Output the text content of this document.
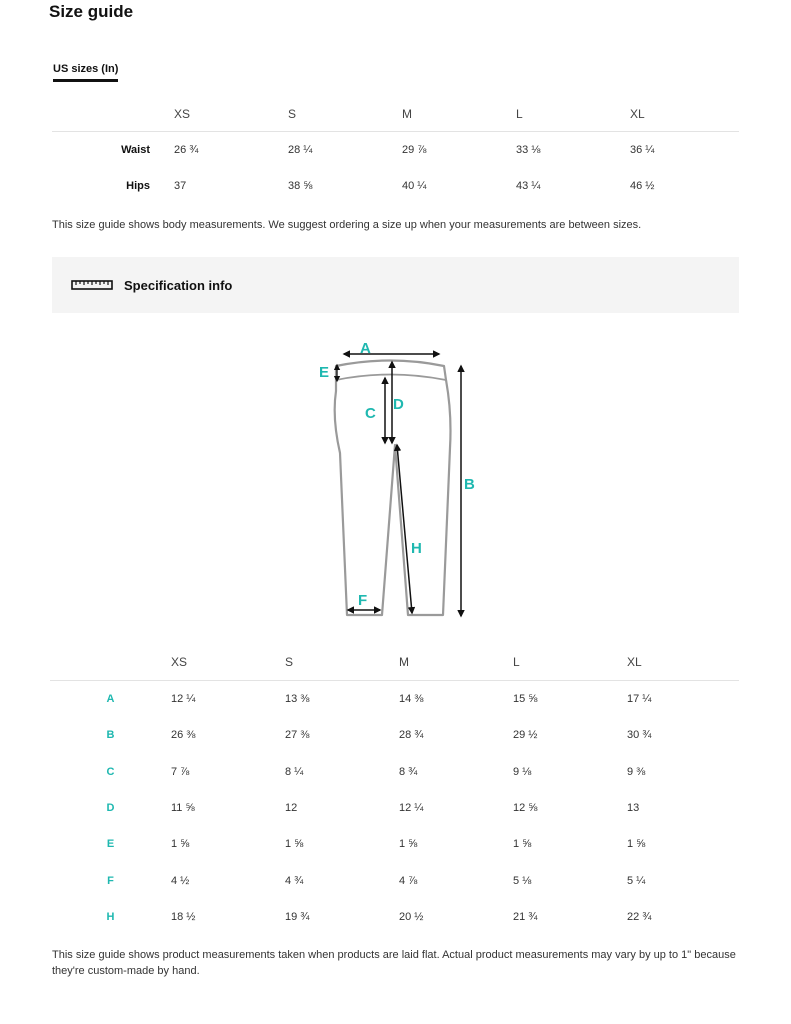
Size guide
US sizes (In)
	XS	S	M	L	XL
Waist	26 ¾	28 ¼	29 ⅞	33 ⅛	36 ¼
Hips	37	38 ⅝	40 ¼	43 ¼	46 ½

This size guide shows body measurements. We suggest ordering a size up when your measurements are between sizes.

Specification info
A
E
C
D
B
H
F
	XS	S	M	L	XL
A	12 ¼	13 ⅜	14 ⅜	15 ⅝	17 ¼
B	26 ⅜	27 ⅜	28 ¾	29 ½	30 ¾
C	7 ⅞	8 ¼	8 ¾	9 ⅛	9 ⅜
D	11 ⅝	12	12 ¼	12 ⅝	13
E	1 ⅝	1 ⅝	1 ⅝	1 ⅝	1 ⅝
F	4 ½	4 ¾	4 ⅞	5 ⅛	5 ¼
H	18 ½	19 ¾	20 ½	21 ¾	22 ¾

This size guide shows product measurements taken when products are laid flat. Actual product measurements may vary by up to 1" because they're custom-made by hand.
